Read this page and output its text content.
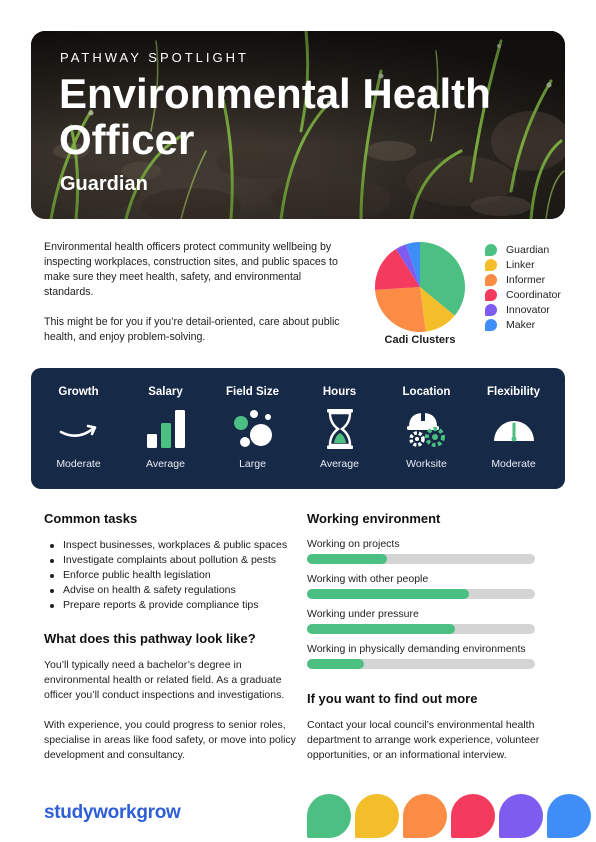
PATHWAY SPOTLIGHT
Environmental Health Officer
Guardian

Environmental health officers protect community wellbeing by inspecting workplaces, construction sites, and public spaces to make sure they meet health, safety, and environmental standards.

This might be for you if you’re detail-oriented, care about public health, and enjoy problem-solving.	Cadi Clusters
Guardian
Linker
Informer
Coordinator
Innovator
Maker
Growth
Moderate
Salary
Average
Field Size
Large
Hours
Average
Location
Worksite
Flexibility
Moderate
Common tasks
Inspect businesses, workplaces & public spaces
Investigate complaints about pollution & pests
Enforce public health legislation
Advise on health & safety regulations
Prepare reports & provide compliance tips
What does this pathway look like?
You’ll typically need a bachelor’s degree in environmental health or related field. As a graduate officer you’ll conduct inspections and investigations.
With experience, you could progress to senior roles, specialise in areas like food safety, or move into policy development and consultancy.
Working environment
Working on projects
Working with other people
Working under pressure
Working in physically demanding environments
If you want to find out more
Contact your local council’s environmental health department to arrange work experience, volunteer opportunities, or an informational interview.
studyworkgrow
